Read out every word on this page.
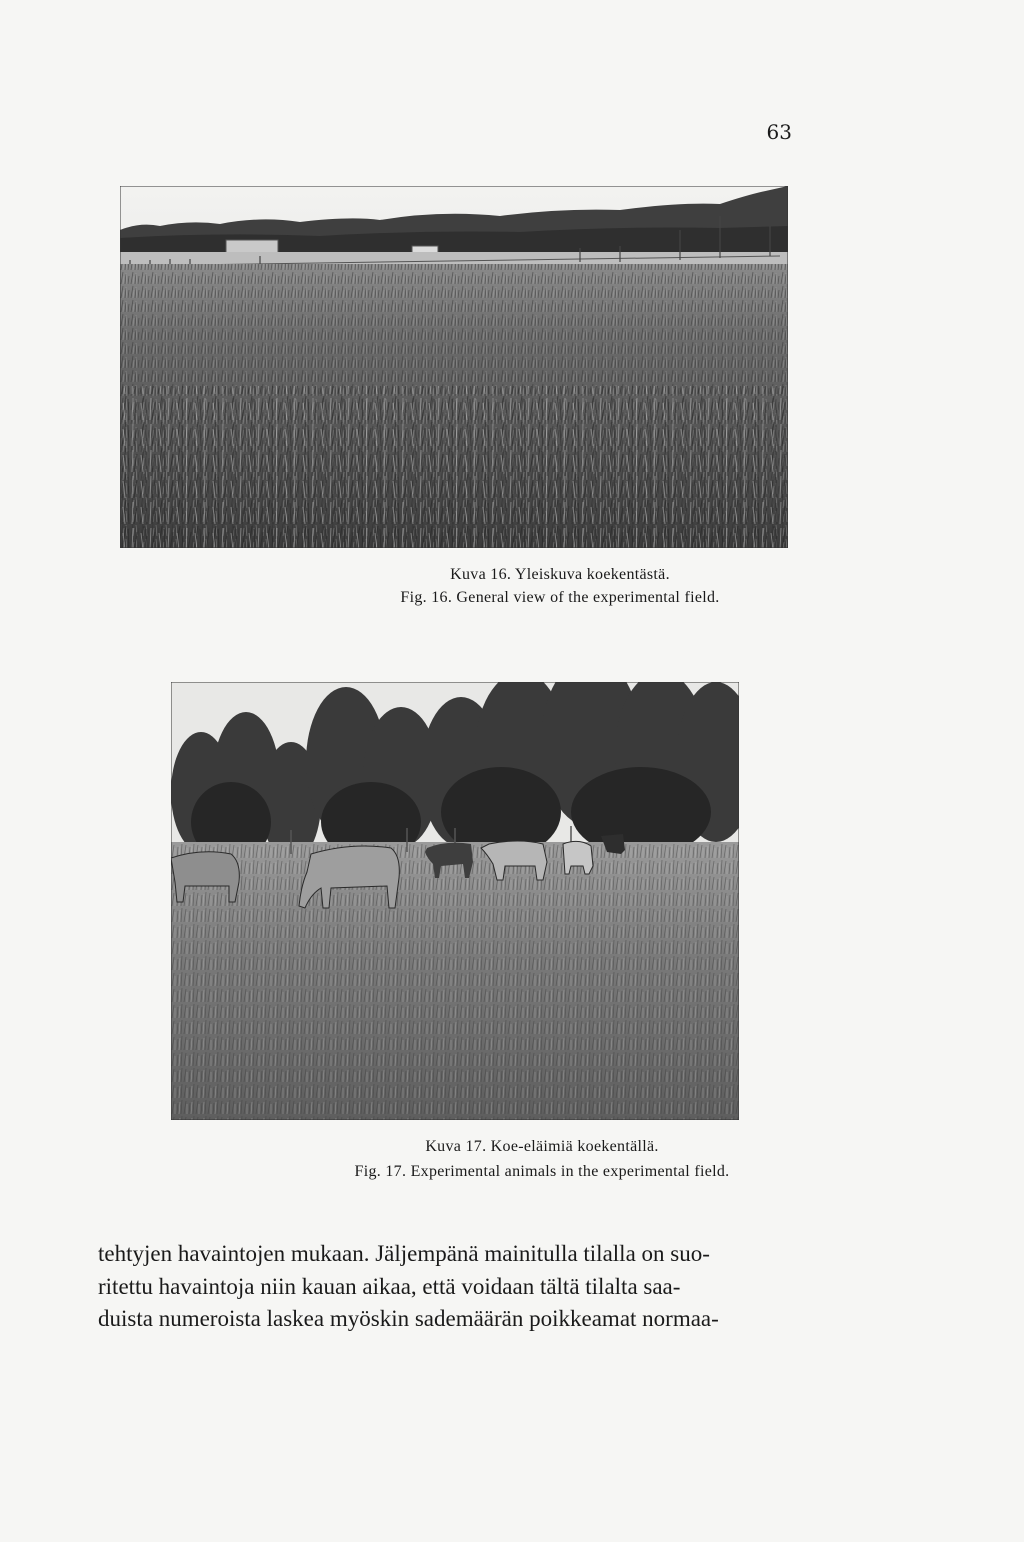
63
Kuva 16. Yleiskuva koekentästä.
Fig. 16. General view of the experimental field.
Kuva 17. Koe-eläimiä koekentällä.
Fig. 17. Experimental animals in the experimental field.
tehtyjen havaintojen mukaan. Jäljempänä mainitulla tilalla on suo-
ritettu havaintoja niin kauan aikaa, että voidaan tältä tilalta saa-
duista numeroista laskea myöskin sademäärän poikkeamat normaa-
